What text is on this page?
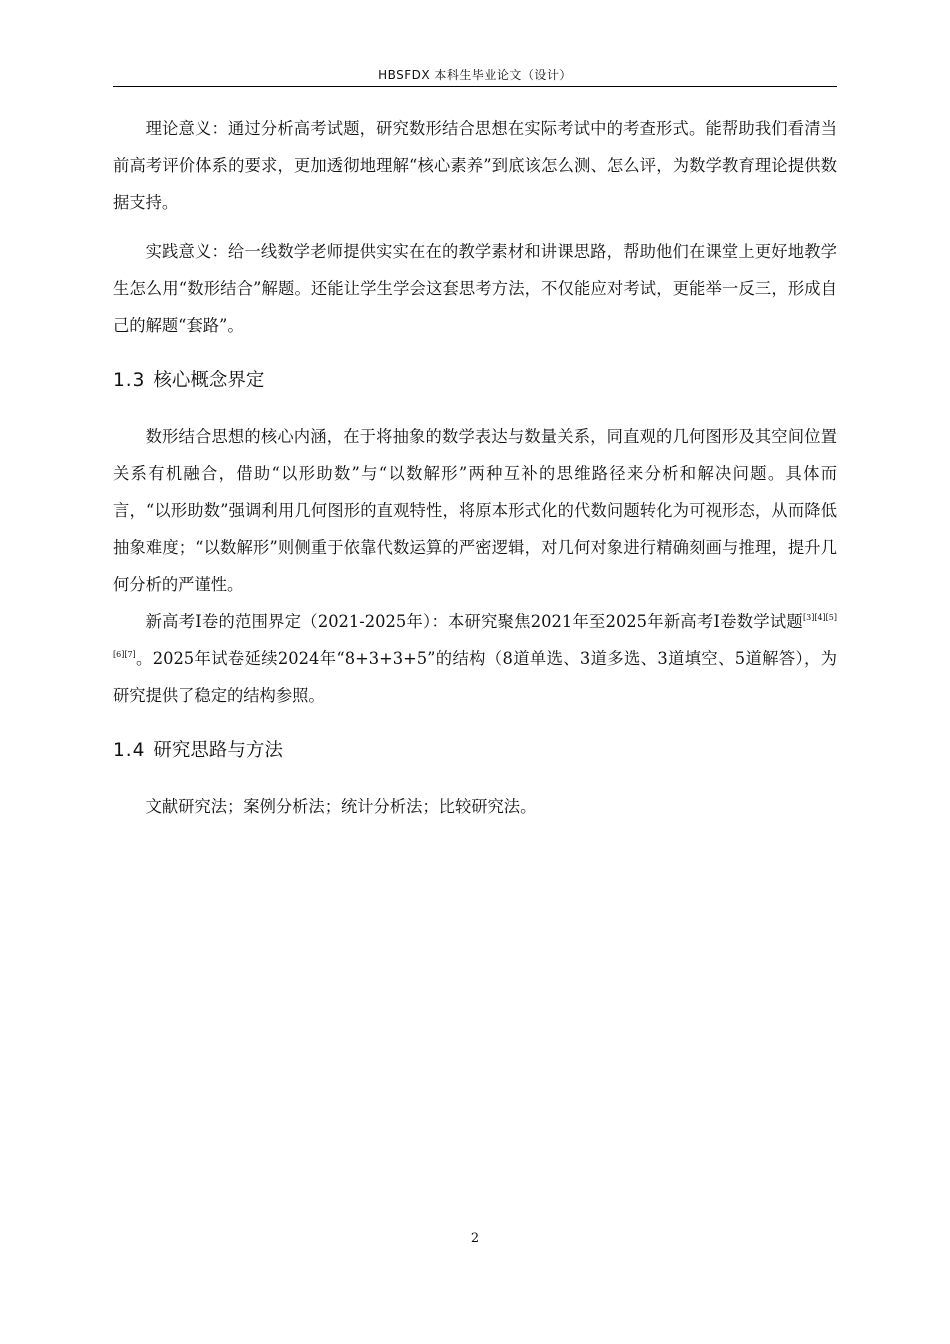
HBSFDX 本科生毕业论文（设计）

理论意义：通过分析高考试题，研究数形结合思想在实际考试中的考查形式。能帮助我们看清当前高考评价体系的要求，更加透彻地理解“核心素养”到底该怎么测、怎么评，为数学教育理论提供数据支持。

实践意义：给一线数学老师提供实实在在的教学素材和讲课思路，帮助他们在课堂上更好地教学生怎么用“数形结合”解题。还能让学生学会这套思考方法，不仅能应对考试，更能举一反三，形成自己的解题“套路”。

1.3 核心概念界定

数形结合思想的核心内涵，在于将抽象的数学表达与数量关系，同直观的几何图形及其空间位置关系有机融合，借助“以形助数”与“以数解形”两种互补的思维路径来分析和解决问题。具体而言，“以形助数”强调利用几何图形的直观特性，将原本形式化的代数问题转化为可视形态，从而降低抽象难度；“以数解形”则侧重于依靠代数运算的严密逻辑，对几何对象进行精确刻画与推理，提升几何分析的严谨性。

新高考Ⅰ卷的范围界定（2021-2025年）：本研究聚焦2021年至2025年新高考Ⅰ卷数学试题[3][4][5][6][7]。2025年试卷延续2024年“8+3+3+5”的结构（8道单选、3道多选、3道填空、5道解答），为研究提供了稳定的结构参照。

1.4 研究思路与方法

文献研究法；案例分析法；统计分析法；比较研究法。

2
